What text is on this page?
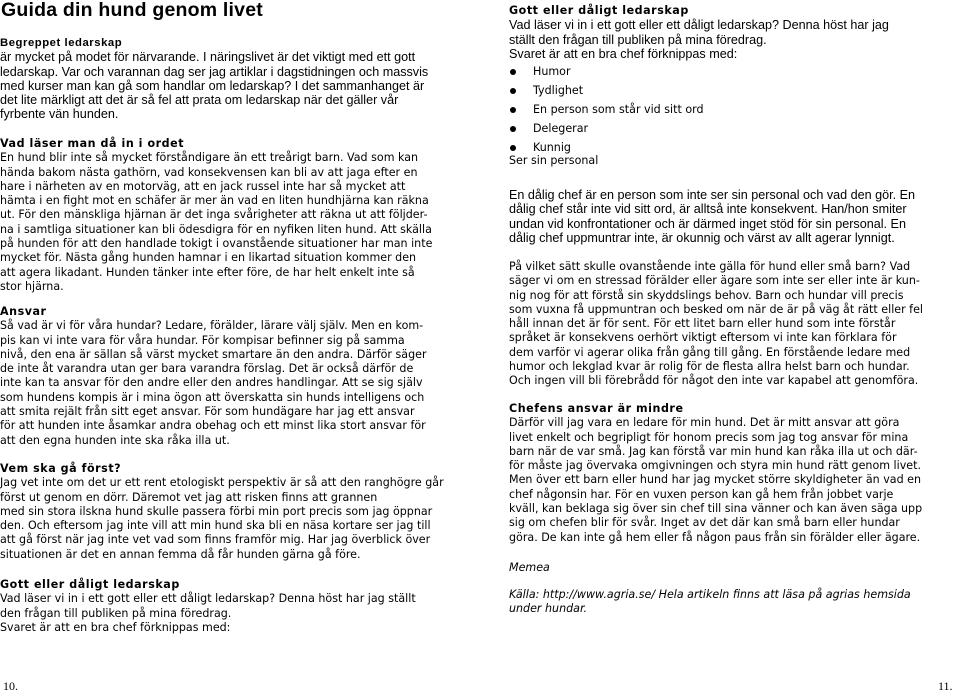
Guida din hund genom livet

Begreppet ledarskap

är mycket på modet för närvarande. I näringslivet är det viktigt med ett gott

ledarskap. Var och varannan dag ser jag artiklar i dagstidningen och massvis

med kurser man kan gå som handlar om ledarskap? I det sammanhanget är

det lite märkligt att det är så fel att prata om ledarskap när det gäller vår

fyrbente vän hunden.

Vad läser man då in i ordet

En hund blir inte så mycket förståndigare än ett treårigt barn. Vad som kan

hända bakom nästa gathörn, vad konsekvensen kan bli av att jaga efter en

hare i närheten av en motorväg, att en jack russel inte har så mycket att

hämta i en fight mot en schäfer är mer än vad en liten hundhjärna kan räkna

ut. För den mänskliga hjärnan är det inga svårigheter att räkna ut att följder-

na i samtliga situationer kan bli ödesdigra för en nyfiken liten hund. Att skälla

på hunden för att den handlade tokigt i ovanstående situationer har man inte

mycket för. Nästa gång hunden hamnar i en likartad situation kommer den

att agera likadant. Hunden tänker inte efter före, de har helt enkelt inte så

stor hjärna.

Ansvar

Så vad är vi för våra hundar? Ledare, förälder, lärare välj själv. Men en kom-

pis kan vi inte vara för våra hundar. För kompisar befinner sig på samma

nivå, den ena är sällan så värst mycket smartare än den andra. Därför säger

de inte åt varandra utan ger bara varandra förslag. Det är också därför de

inte kan ta ansvar för den andre eller den andres handlingar. Att se sig själv

som hundens kompis är i mina ögon att överskatta sin hunds intelligens och

att smita rejält från sitt eget ansvar. För som hundägare har jag ett ansvar

för att hunden inte åsamkar andra obehag och ett minst lika stort ansvar för

att den egna hunden inte ska råka illa ut.

Vem ska gå först?

Jag vet inte om det ur ett rent etologiskt perspektiv är så att den ranghögre går

först ut genom en dörr. Däremot vet jag att risken finns att grannen

med sin stora ilskna hund skulle passera förbi min port precis som jag öppnar

den. Och eftersom jag inte vill att min hund ska bli en näsa kortare ser jag till

att gå först när jag inte vet vad som finns framför mig. Har jag överblick över

situationen är det en annan femma då får hunden gärna gå före.

Gott eller dåligt ledarskap

Vad läser vi in i ett gott eller ett dåligt ledarskap? Denna höst har jag ställt

den frågan till publiken på mina föredrag.

Svaret är att en bra chef förknippas med:

Gott eller dåligt ledarskap

Vad läser vi in i ett gott eller ett dåligt ledarskap? Denna höst har jag

ställt den frågan till publiken på mina föredrag.

Svaret är att en bra chef förknippas med:

Humor
Tydlighet
En person som står vid sitt ord
Delegerar
Kunnig

Ser sin personal

En dålig chef är en person som inte ser sin personal och vad den gör. En

dålig chef står inte vid sitt ord, är alltså inte konsekvent. Han/hon smiter

undan vid konfrontationer och är därmed inget stöd för sin personal. En

dålig chef uppmuntrar inte, är okunnig och värst av allt agerar lynnigt.

På vilket sätt skulle ovanstående inte gälla för hund eller små barn? Vad

säger vi om en stressad förälder eller ägare som inte ser eller inte är kun-

nig nog för att förstå sin skyddslings behov. Barn och hundar vill precis

som vuxna få uppmuntran och besked om när de är på väg åt rätt eller fel

håll innan det är för sent. För ett litet barn eller hund som inte förstår

språket är konsekvens oerhört viktigt eftersom vi inte kan förklara för

dem varför vi agerar olika från gång till gång. En förstående ledare med

humor och lekglad kvar är rolig för de flesta allra helst barn och hundar.

Och ingen vill bli förebrådd för något den inte var kapabel att genomföra.

Chefens ansvar är mindre

Därför vill jag vara en ledare för min hund. Det är mitt ansvar att göra

livet enkelt och begripligt för honom precis som jag tog ansvar för mina

barn när de var små. Jag kan förstå var min hund kan råka illa ut och där-

för måste jag övervaka omgivningen och styra min hund rätt genom livet.

Men över ett barn eller hund har jag mycket större skyldigheter än vad en

chef någonsin har. För en vuxen person kan gå hem från jobbet varje

kväll, kan beklaga sig över sin chef till sina vänner och kan även säga upp

sig om chefen blir för svår. Inget av det där kan små barn eller hundar

göra. De kan inte gå hem eller få någon paus från sin förälder eller ägare.

Memea

Källa: http://www.agria.se/ Hela artikeln finns att läsa på agrias hemsida

under hundar.

10.	11.
